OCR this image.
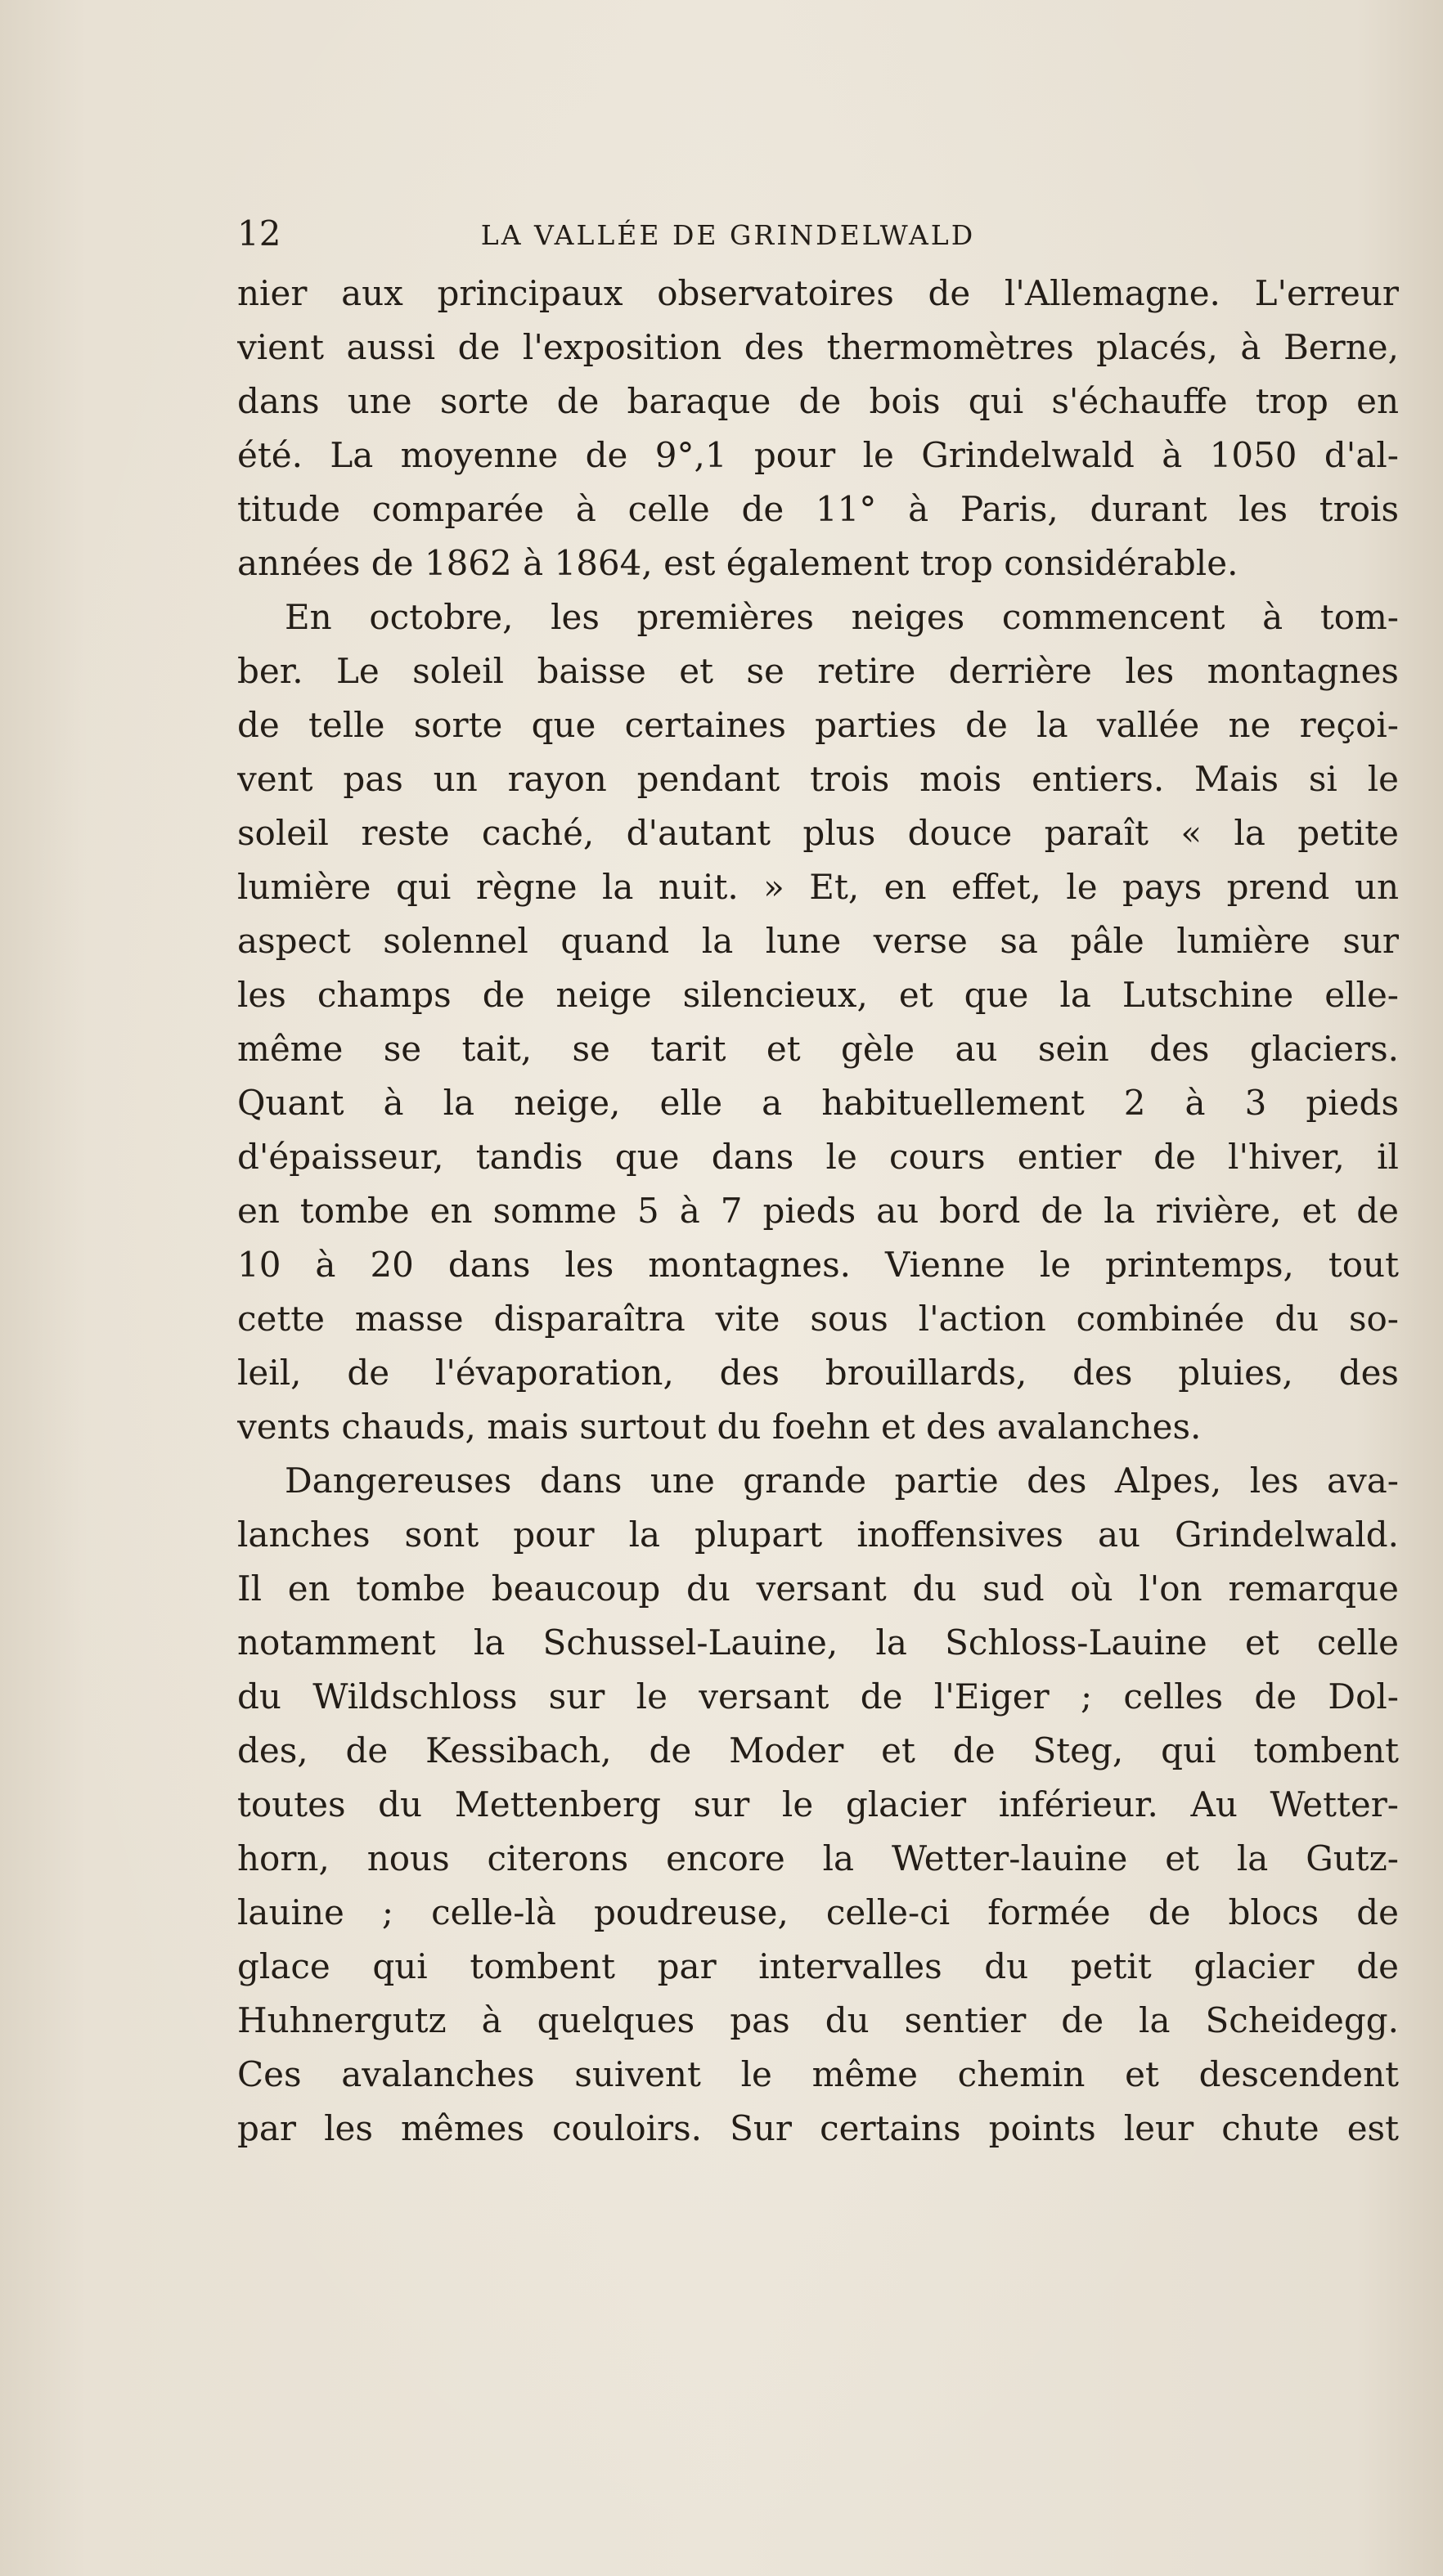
12	LA VALLÉE DE GRINDELWALD
nier aux principaux observatoires de l'Allemagne. L'erreur
vient aussi de l'exposition des thermomètres placés, à Berne,
dans une sorte de baraque de bois qui s'échauffe trop en
été. La moyenne de 9°,1 pour le Grindelwald à 1050 d'al-
titude comparée à celle de 11° à Paris, durant les trois
années de 1862 à 1864, est également trop considérable.
En octobre, les premières neiges commencent à tom-
ber. Le soleil baisse et se retire derrière les montagnes
de telle sorte que certaines parties de la vallée ne reçoi-
vent pas un rayon pendant trois mois entiers. Mais si le
soleil reste caché, d'autant plus douce paraît « la petite
lumière qui règne la nuit. » Et, en effet, le pays prend un
aspect solennel quand la lune verse sa pâle lumière sur
les champs de neige silencieux, et que la Lutschine elle-
même se tait, se tarit et gèle au sein des glaciers.
Quant à la neige, elle a habituellement 2 à 3 pieds
d'épaisseur, tandis que dans le cours entier de l'hiver, il
en tombe en somme 5 à 7 pieds au bord de la rivière, et de
10 à 20 dans les montagnes. Vienne le printemps, tout
cette masse disparaîtra vite sous l'action combinée du so-
leil, de l'évaporation, des brouillards, des pluies, des
vents chauds, mais surtout du foehn et des avalanches.
Dangereuses dans une grande partie des Alpes, les ava-
lanches sont pour la plupart inoffensives au Grindelwald.
Il en tombe beaucoup du versant du sud où l'on remarque
notamment la Schussel-Lauine, la Schloss-Lauine et celle
du Wildschloss sur le versant de l'Eiger ; celles de Dol-
des, de Kessibach, de Moder et de Steg, qui tombent
toutes du Mettenberg sur le glacier inférieur. Au Wetter-
horn, nous citerons encore la Wetter-lauine et la Gutz-
lauine ; celle-là poudreuse, celle-ci formée de blocs de
glace qui tombent par intervalles du petit glacier de
Huhnergutz à quelques pas du sentier de la Scheidegg.
Ces avalanches suivent le même chemin et descendent
par les mêmes couloirs. Sur certains points leur chute est
